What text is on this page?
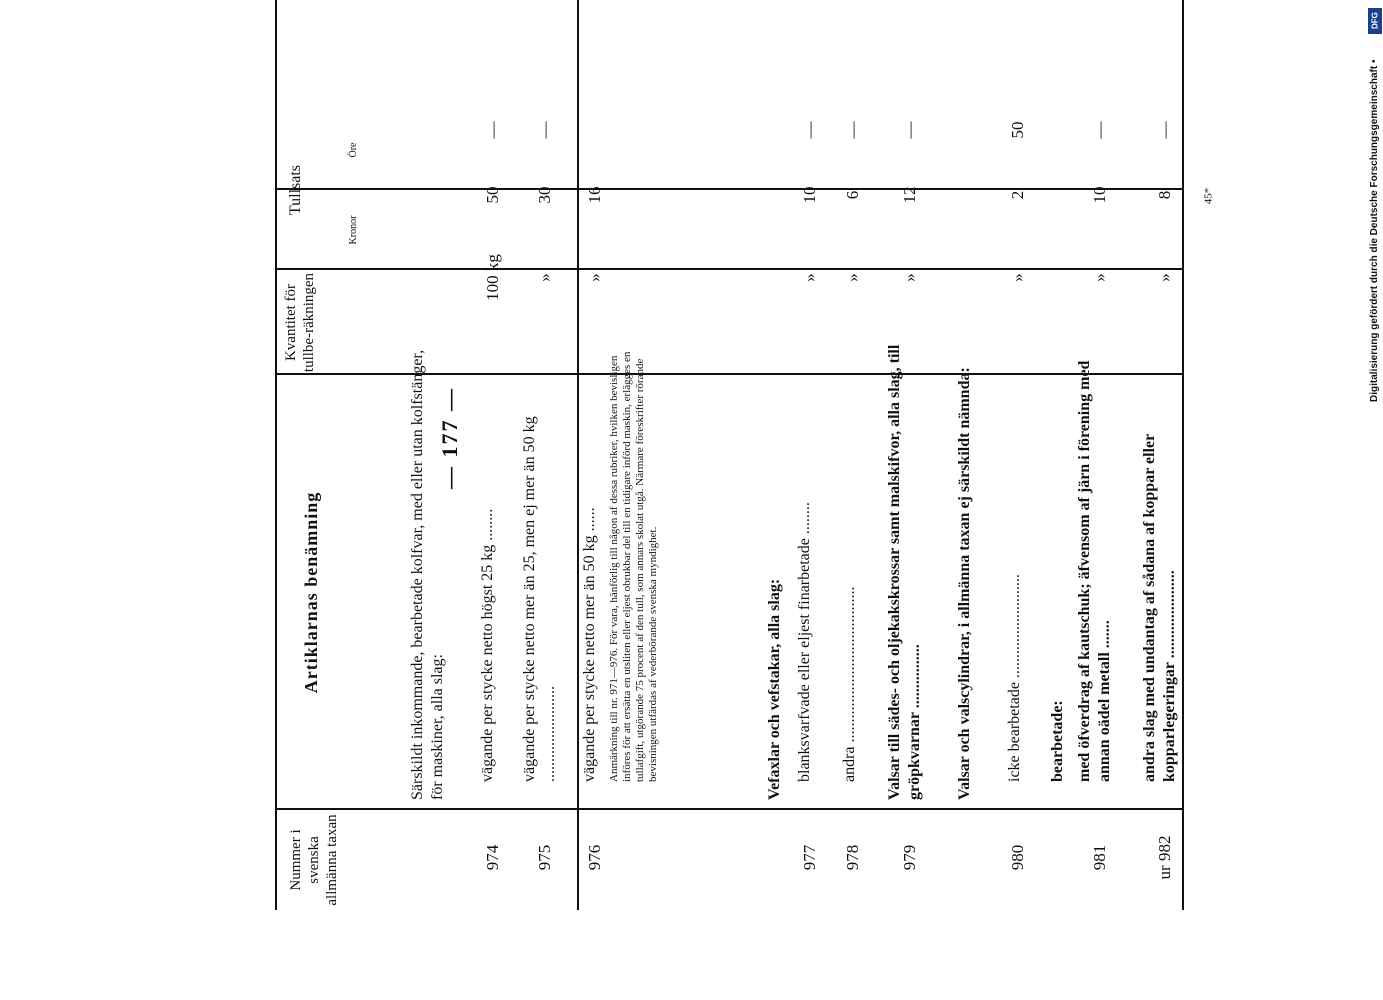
— 177 —
Nummer i svenska allmänna taxan
Artiklarnas benämning
Kvantitet för tullbe-räkningen
Tullsats
Kronor
Öre
Särskildt inkommande, bearbetade kolfvar, med eller utan kolfstänger, för maskiner, alla slag:
974
vägande per stycke netto högst 25 kg ........
100 kg
50
—
975
vägande per stycke netto mer än 25, men ej mer än 50 kg ........................
»
30
—
976
vägande per stycke netto mer än 50 kg ......
»
16
Anmärkning till nr. 971—976. För vara, hänförlig till någon af dessa rubriker, hvilken bevisligen införes för att ersätta en utsliten eller eljest obrukbar del till en tidigare införd maskin, erlägges en tullafgift, utgörande 75 procent af den tull, som annars skolat utgå. Närmare föreskrifter rörande bevisningen utfärdas af vederbörande svenska myndighet.	Vefaxlar och vefstakar, alla slag:
977
blanksvarfvade eller eljest finarbetade ........
»
10
—
978
andra .......................................
»
6
—
979
Valsar till sädes- och oljekakskrossar samt malskifvor, alla slag, till gröpkvarnar ................
»
12
—
Valsar och valscylindrar, i allmänna taxan ej särskildt nämnda:
980
icke bearbetade ..........................
»
2
50
bearbetade:
981
med öfverdrag af kautschuk; äfvensom af järn i förening med annan oädel metall .......
»
10
—
ur 982
andra slag med undantag af sådana af koppar eller kopparlegeringar ......................
»
8
—
45*
DFG
Digitalisierung gefördert durch die Deutsche Forschungsgemeinschaft •
